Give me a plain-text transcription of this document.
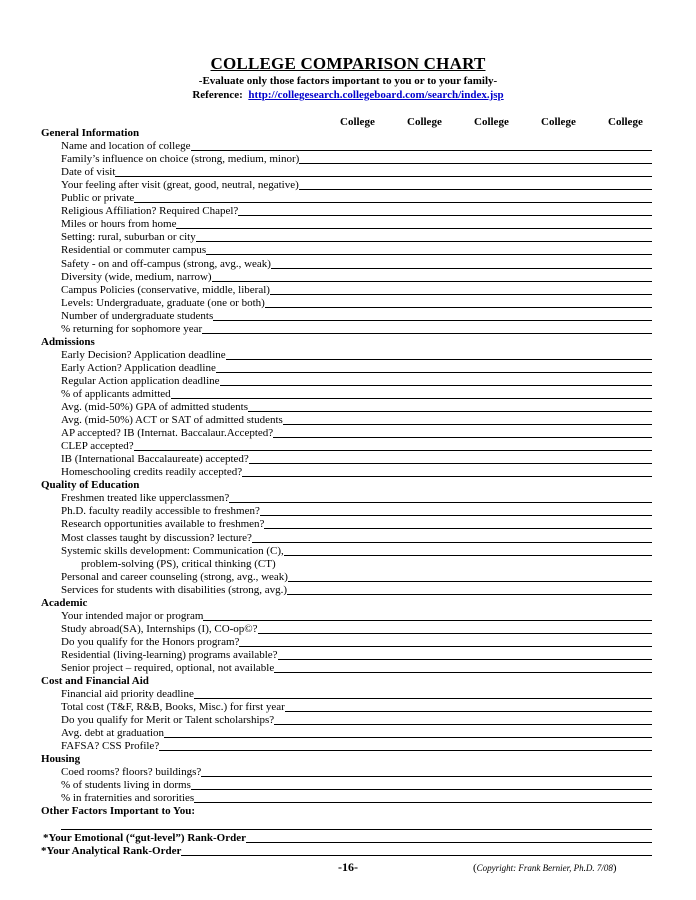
COLLEGE COMPARISON CHART
-Evaluate only those factors important to you or to your family-
Reference: http://collegesearch.collegeboard.com/search/index.jsp
College	College	College	College	College
General Information
Name and location of college
Family’s influence on choice (strong, medium, minor)
Date of visit
Your feeling after visit (great, good, neutral, negative)
Public or private
Religious Affiliation? Required Chapel?
Miles or hours from home
Setting: rural, suburban or city
Residential or commuter campus
Safety - on and off-campus (strong, avg., weak)
Diversity (wide, medium, narrow)
Campus Policies (conservative, middle, liberal)
Levels: Undergraduate, graduate (one or both)
Number of undergraduate students
% returning for sophomore year
Admissions
Early Decision? Application deadline
Early Action? Application deadline
Regular Action application deadline
% of applicants admitted
Avg. (mid-50%) GPA of admitted students
Avg. (mid-50%) ACT or SAT of admitted students
AP accepted? IB (Internat. Baccalaur.Accepted?
CLEP accepted?
IB (International Baccalaureate) accepted?
Homeschooling credits readily accepted?
Quality of Education
Freshmen treated like upperclassmen?
Ph.D. faculty readily accessible to freshmen?
Research opportunities available to freshmen?
Most classes taught by discussion? lecture?
Systemic skills development: Communication (C),
problem-solving (PS), critical thinking (CT)
Personal and career counseling (strong, avg., weak)
Services for students with disabilities (strong, avg.)
Academic
Your intended major or program
Study abroad(SA), Internships (I), CO-op©?
Do you qualify for the Honors program?
Residential (living-learning) programs available?
Senior project – required, optional, not available
Cost and Financial Aid
Financial aid priority deadline
Total cost (T&F, R&B, Books, Misc.) for first year
Do you qualify for Merit or Talent scholarships?
Avg. debt at graduation
FAFSA? CSS Profile?
Housing
Coed rooms? floors? buildings?
% of students living in dorms
% in fraternities and sororities
Other Factors Important to You:
*Your Emotional (“gut-level”) Rank-Order
*Your Analytical Rank-Order
-16-	(Copyright: Frank Bernier, Ph.D. 7/08)
